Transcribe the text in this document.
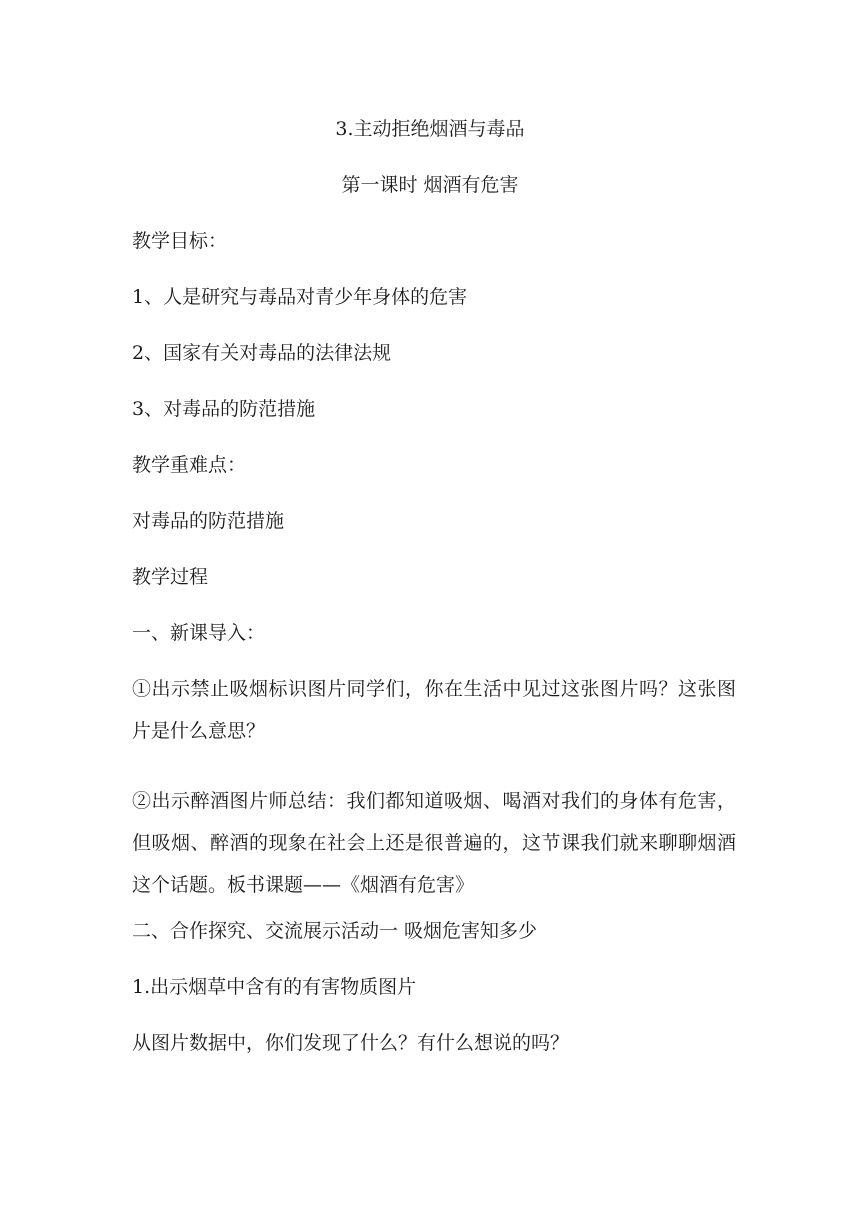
3.主动拒绝烟酒与毒品
第一课时 烟酒有危害
教学目标：
1、人是研究与毒品对青少年身体的危害
2、国家有关对毒品的法律法规
3、对毒品的防范措施
教学重难点：
对毒品的防范措施
教学过程
一、新课导入：
①出示禁止吸烟标识图片同学们，你在生活中见过这张图片吗？这张图片是什么意思？
②出示醉酒图片师总结：我们都知道吸烟、喝酒对我们的身体有危害，但吸烟、醉酒的现象在社会上还是很普遍的，这节课我们就来聊聊烟酒这个话题。板书课题——《烟酒有危害》
二、合作探究、交流展示活动一 吸烟危害知多少
1.出示烟草中含有的有害物质图片
从图片数据中，你们发现了什么？有什么想说的吗？
